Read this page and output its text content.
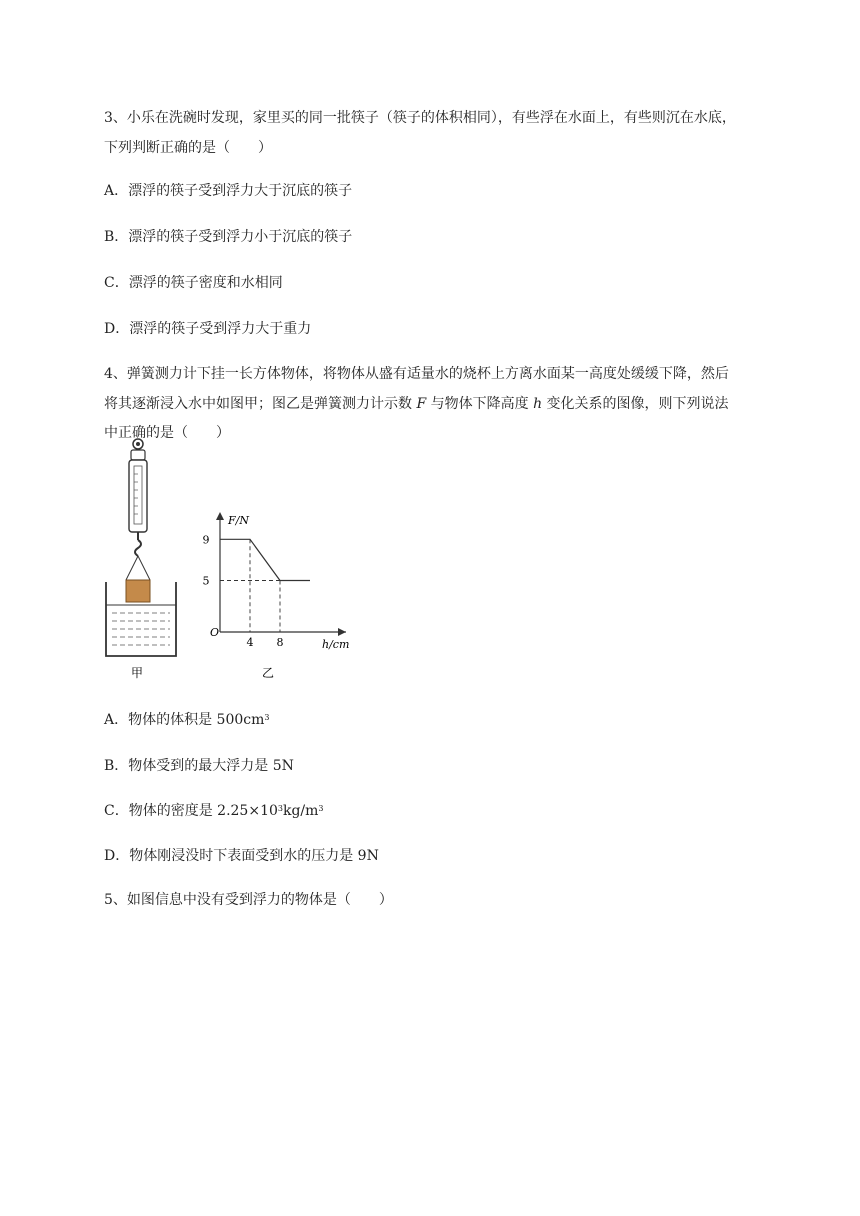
3、小乐在洗碗时发现，家里买的同一批筷子（筷子的体积相同），有些浮在水面上，有些则沉在水底，
下列判断正确的是（　　）
A．漂浮的筷子受到浮力大于沉底的筷子
B．漂浮的筷子受到浮力小于沉底的筷子
C．漂浮的筷子密度和水相同
D．漂浮的筷子受到浮力大于重力
4、弹簧测力计下挂一长方体物体，将物体从盛有适量水的烧杯上方离水面某一高度处缓缓下降，然后
将其逐渐浸入水中如图甲；图乙是弹簧测力计示数 F 与物体下降高度 h 变化关系的图像，则下列说法
中正确的是（　　）
甲
F/N
h/cm
O
4 8
9
5
乙
A．物体的体积是 $500cm^3$
B．物体受到的最大浮力是 5N
C．物体的密度是 $2.25\times 10^3kg/m^3$
D．物体刚浸没时下表面受到水的压力是 9N
5、如图信息中没有受到浮力的物体是（　　）
